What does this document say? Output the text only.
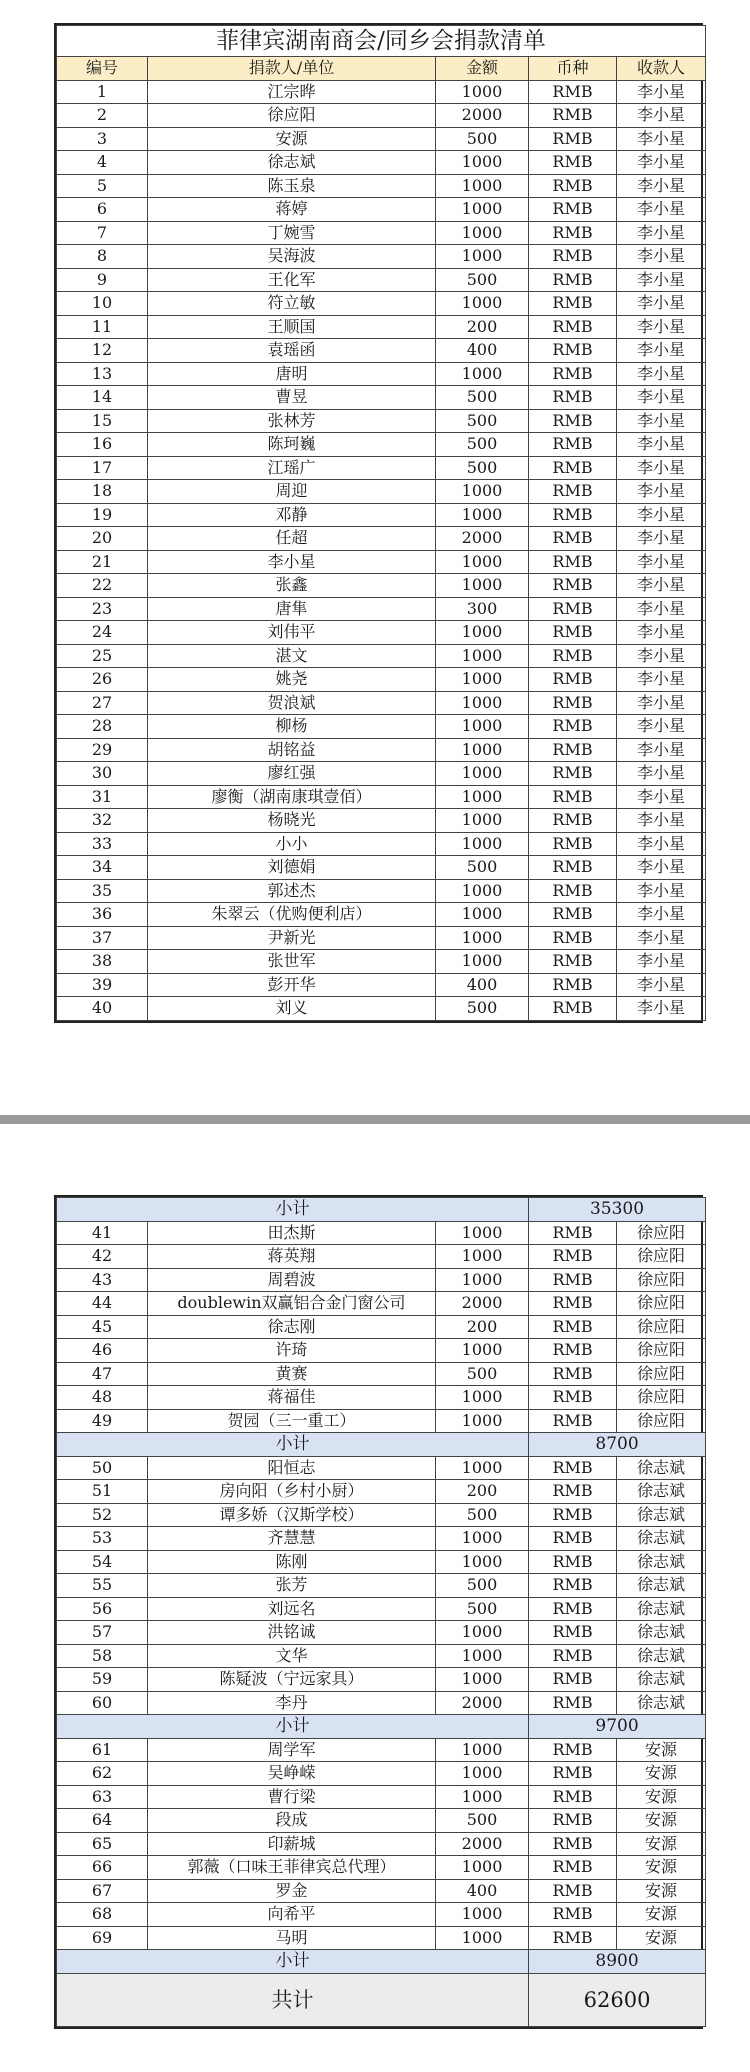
菲律宾湖南商会/同乡会捐款清单				
编号	捐款人/单位	金额	币种	收款人
1	江宗晔	1000	RMB	李小星
2	徐应阳	2000	RMB	李小星
3	安源	500	RMB	李小星
4	徐志斌	1000	RMB	李小星
5	陈玉泉	1000	RMB	李小星
6	蒋婷	1000	RMB	李小星
7	丁婉雪	1000	RMB	李小星
8	吴海波	1000	RMB	李小星
9	王化军	500	RMB	李小星
10	符立敏	1000	RMB	李小星
11	王顺国	200	RMB	李小星
12	袁瑶函	400	RMB	李小星
13	唐明	1000	RMB	李小星
14	曹昱	500	RMB	李小星
15	张林芳	500	RMB	李小星
16	陈珂巍	500	RMB	李小星
17	江瑶广	500	RMB	李小星
18	周迎	1000	RMB	李小星
19	邓静	1000	RMB	李小星
20	任超	2000	RMB	李小星
21	李小星	1000	RMB	李小星
22	张鑫	1000	RMB	李小星
23	唐隼	300	RMB	李小星
24	刘伟平	1000	RMB	李小星
25	湛文	1000	RMB	李小星
26	姚尧	1000	RMB	李小星
27	贺浪斌	1000	RMB	李小星
28	柳杨	1000	RMB	李小星
29	胡铭益	1000	RMB	李小星
30	廖红强	1000	RMB	李小星
31	廖衡（湖南康琪壹佰）	1000	RMB	李小星
32	杨晓光	1000	RMB	李小星
33	小小	1000	RMB	李小星
34	刘德娟	500	RMB	李小星
35	郭述杰	1000	RMB	李小星
36	朱翠云（优购便利店）	1000	RMB	李小星
37	尹新光	1000	RMB	李小星
38	张世军	1000	RMB	李小星
39	彭开华	400	RMB	李小星
40	刘义	500	RMB	李小星
小计			35300	
41	田杰斯	1000	RMB	徐应阳
42	蒋英翔	1000	RMB	徐应阳
43	周碧波	1000	RMB	徐应阳
44	doublewin双赢铝合金门窗公司	2000	RMB	徐应阳
45	徐志刚	200	RMB	徐应阳
46	许琦	1000	RMB	徐应阳
47	黄赛	500	RMB	徐应阳
48	蒋福佳	1000	RMB	徐应阳
49	贺园（三一重工）	1000	RMB	徐应阳
小计			8700	
50	阳恒志	1000	RMB	徐志斌
51	房向阳（乡村小厨）	200	RMB	徐志斌
52	谭多娇（汉斯学校）	500	RMB	徐志斌
53	齐慧慧	1000	RMB	徐志斌
54	陈刚	1000	RMB	徐志斌
55	张芳	500	RMB	徐志斌
56	刘远名	500	RMB	徐志斌
57	洪铭诚	1000	RMB	徐志斌
58	文华	1000	RMB	徐志斌
59	陈疑波（宁远家具）	1000	RMB	徐志斌
60	李丹	2000	RMB	徐志斌
小计			9700	
61	周学军	1000	RMB	安源
62	吴峥嵘	1000	RMB	安源
63	曹行梁	1000	RMB	安源
64	段成	500	RMB	安源
65	印薪城	2000	RMB	安源
66	郭薇（口味王菲律宾总代理）	1000	RMB	安源
67	罗金	400	RMB	安源
68	向希平	1000	RMB	安源
69	马明	1000	RMB	安源
小计			8900	
共计			62600	
